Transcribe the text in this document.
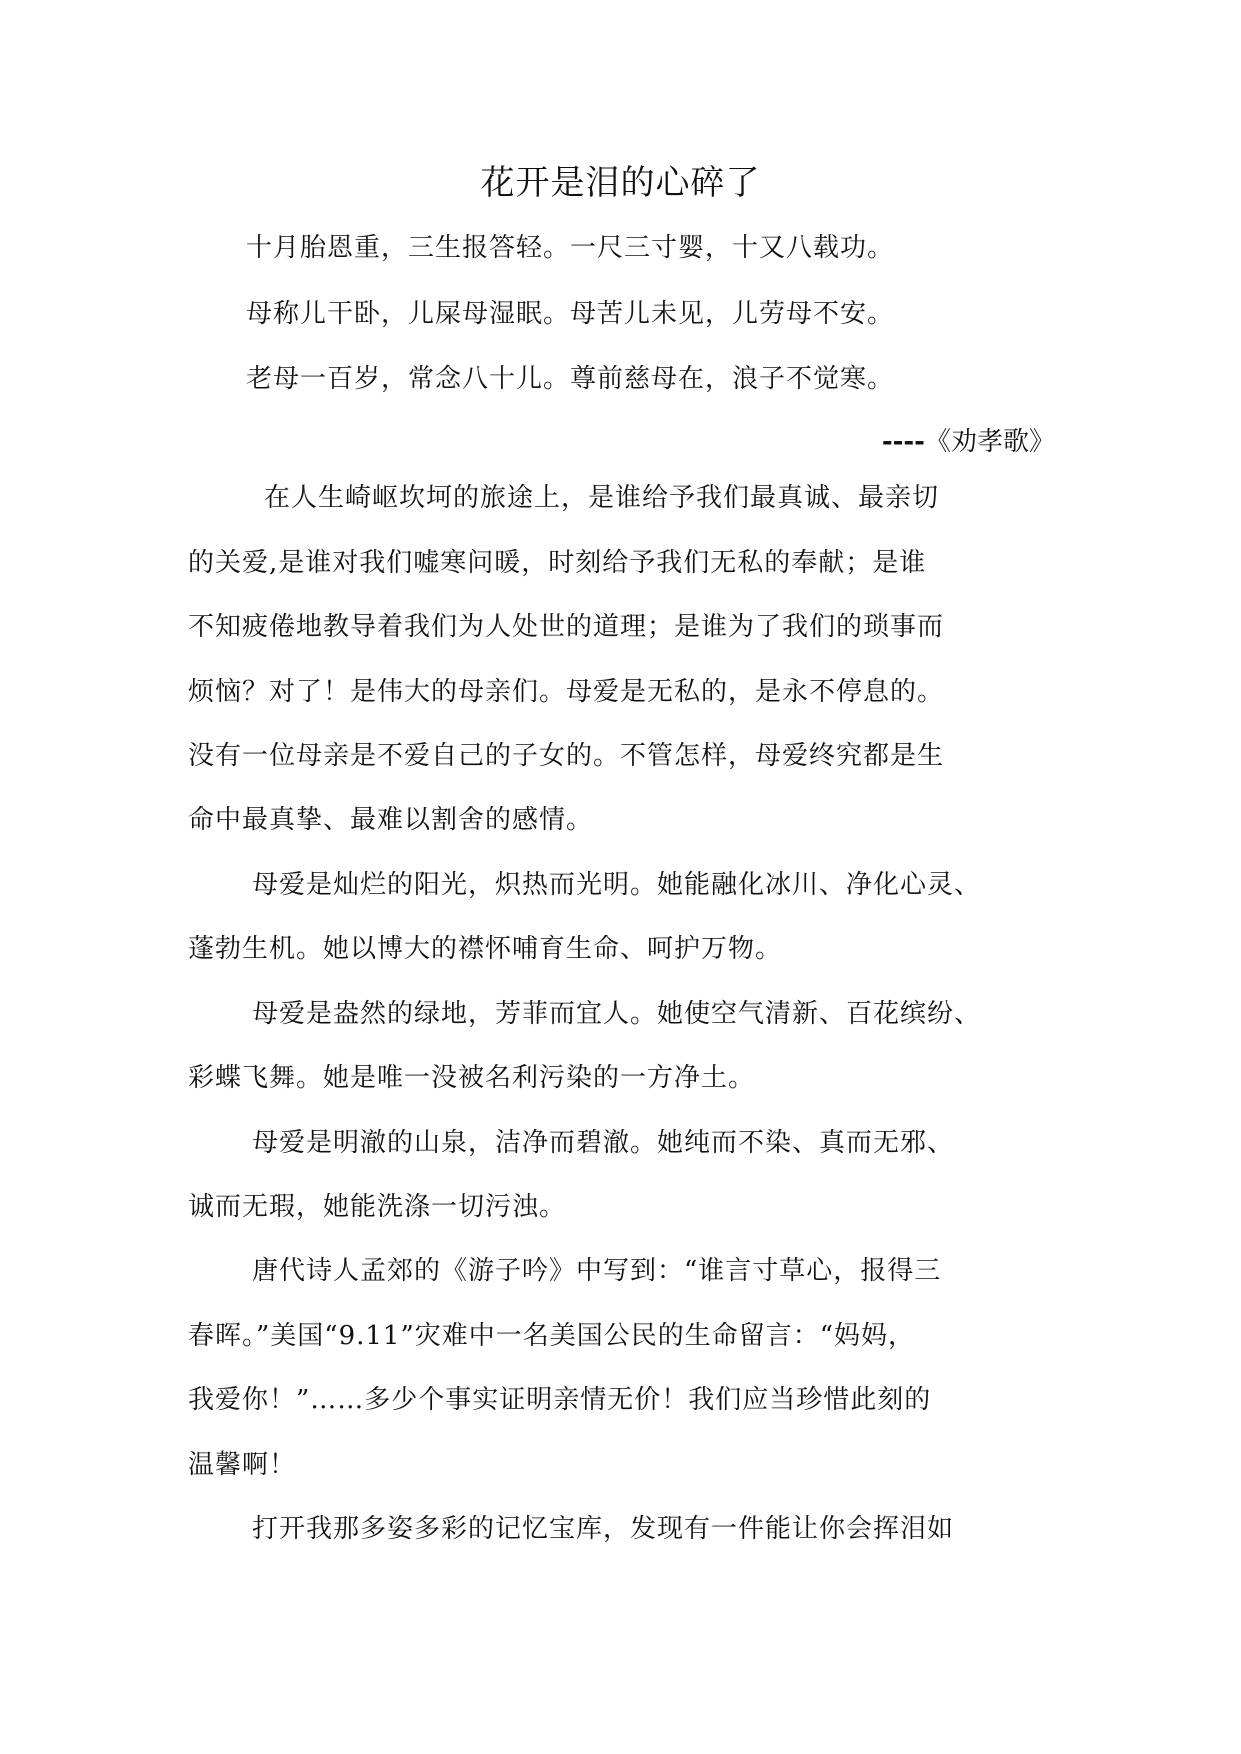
花开是泪的心碎了
十月胎恩重，三生报答轻。一尺三寸婴，十又八载功。
母称儿干卧，儿屎母湿眠。母苦儿未见，儿劳母不安。
老母一百岁，常念八十儿。尊前慈母在，浪子不觉寒。
----《劝孝歌》
在人生崎岖坎坷的旅途上，是谁给予我们最真诚、最亲切
的关爱,是谁对我们嘘寒问暖，时刻给予我们无私的奉献；是谁
不知疲倦地教导着我们为人处世的道理；是谁为了我们的琐事而
烦恼？对了！是伟大的母亲们。母爱是无私的，是永不停息的。
没有一位母亲是不爱自己的子女的。不管怎样，母爱终究都是生
命中最真挚、最难以割舍的感情。
母爱是灿烂的阳光，炽热而光明。她能融化冰川、净化心灵、
蓬勃生机。她以博大的襟怀哺育生命、呵护万物。
母爱是盎然的绿地，芳菲而宜人。她使空气清新、百花缤纷、
彩蝶飞舞。她是唯一没被名利污染的一方净土。
母爱是明澈的山泉，洁净而碧澈。她纯而不染、真而无邪、
诚而无瑕，她能洗涤一切污浊。
唐代诗人孟郊的《游子吟》中写到：“谁言寸草心，报得三
春晖。”美国“9.11”灾难中一名美国公民的生命留言：“妈妈，
我爱你！”……多少个事实证明亲情无价！我们应当珍惜此刻的
温馨啊！
打开我那多姿多彩的记忆宝库，发现有一件能让你会挥泪如
